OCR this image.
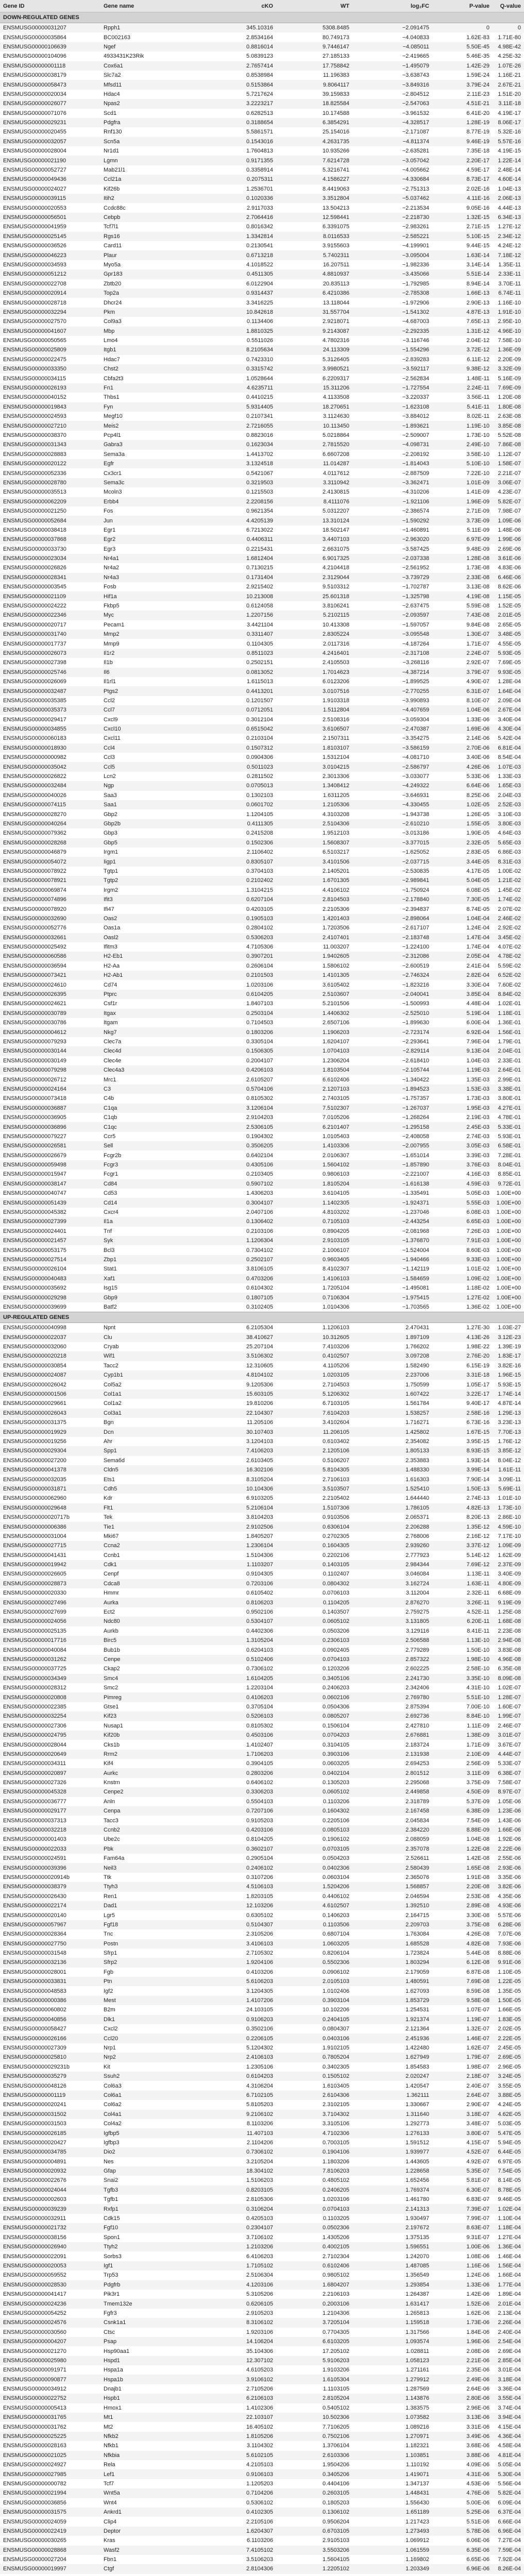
Gene ID	Gene name	cKO	WT	log₂FC	P-value	Q-value
DOWN-REGULATED GENES						
ENSMUSG00000031207	Rpph1	345.10316	5308.8485	−2.091475	0	0
ENSMUSG00000035864	BC002163	2.8534164	80.749173	−4.040833	1.62E-83	1.71E-80
ENSMUSG00000106639	Ngef	0.8816014	9.7446147	−4.085011	5.50E-45	4.98E-42
ENSMUSG00000104096	4933431K23Rik	5.0839123	27.185133	−2.419665	5.46E-35	4.25E-32
ENSMUSG00000001118	Cox6a1	2.7657414	17.758842	−1.495079	1.42E-29	1.07E-26
ENSMUSG00000038179	Slc7a2	0.8538984	11.196383	−3.638743	1.59E-24	1.16E-21
ENSMUSG00000058473	Mfsd11	0.5153864	9.8064117	−3.849316	3.79E-24	2.67E-21
ENSMUSG00000020034	Hdac4	5.7217624	39.159833	−2.804512	2.11E-23	1.51E-20
ENSMUSG00000026077	Npas2	3.2223217	18.825584	−2.547063	4.51E-21	3.11E-18
ENSMUSG00000071076	Scd1	0.6282513	10.174588	−3.961532	6.41E-20	4.19E-17
ENSMUSG00000029231	Pdgfra	0.3188654	6.3854291	−4.328517	1.28E-19	8.06E-17
ENSMUSG00000020455	Rnf130	5.5861571	25.154016	−2.171087	8.77E-19	5.32E-16
ENSMUSG00000032057	Scn5a	0.1543016	4.2631735	−4.811374	9.46E-19	5.57E-16
ENSMUSG00000028004	Nr1d1	1.7604813	10.935266	−2.635281	7.35E-18	4.19E-15
ENSMUSG00000021190	Lgmn	0.9171355	7.6214728	−3.057042	2.20E-17	1.22E-14
ENSMUSG00000052727	Mab21l1	0.3358914	5.3216741	−4.005662	4.59E-17	2.48E-14
ENSMUSG00000049436	Ccl21a	0.2075311	4.1586227	−4.330684	8.73E-17	4.60E-14
ENSMUSG00000024027	Kif26b	1.2536701	8.4419063	−2.751313	2.02E-16	1.04E-13
ENSMUSG00000039115	Itih2	0.1020336	3.3512804	−5.037462	4.11E-16	2.06E-13
ENSMUSG00000020553	Ccdc88c	2.9117033	13.504213	−2.213534	9.05E-16	4.44E-13
ENSMUSG00000056501	Cebpb	2.7064416	12.598441	−2.218730	1.32E-15	6.34E-13
ENSMUSG00000041959	Tcf7l1	0.8016342	6.3391075	−2.983261	2.71E-15	1.27E-12
ENSMUSG00000025145	Rgs16	1.3342814	8.0116533	−2.585221	5.10E-15	2.34E-12
ENSMUSG00000036526	Card11	0.2130541	3.9155603	−4.199901	9.44E-15	4.24E-12
ENSMUSG00000046223	Plaur	0.6713218	5.7402311	−3.095004	1.63E-14	7.18E-12
ENSMUSG00000034593	Myo5a	4.1018522	16.207511	−1.982336	3.14E-14	1.35E-11
ENSMUSG00000051212	Gpr183	0.4511305	4.8810937	−3.435066	5.51E-14	2.33E-11
ENSMUSG00000022708	Zbtb20	6.0122904	20.835113	−1.792985	8.94E-14	3.70E-11
ENSMUSG00000020914	Top2a	0.9314437	6.4210386	−2.785308	1.66E-13	6.74E-11
ENSMUSG00000028718	Dhcr24	3.3416225	13.118044	−1.972906	2.90E-13	1.16E-10
ENSMUSG00000032294	Pkm	10.842618	31.557704	−1.541302	4.87E-13	1.91E-10
ENSMUSG00000027570	Col9a3	0.1134406	2.9218071	−4.687003	7.65E-13	2.95E-10
ENSMUSG00000041607	Mbp	1.8810325	9.2143087	−2.292335	1.31E-12	4.96E-10
ENSMUSG00000050565	Lmo4	0.5511026	4.7802316	−3.116746	2.04E-12	7.58E-10
ENSMUSG00000025809	Itgb1	8.2105634	24.113309	−1.554296	3.72E-12	1.36E-09
ENSMUSG00000022475	Hdac7	0.7423310	5.3126405	−2.839283	6.11E-12	2.20E-09
ENSMUSG00000033350	Chst2	0.3315742	3.9980521	−3.592117	9.38E-12	3.32E-09
ENSMUSG00000034115	Cbfa2t3	1.0528644	6.2209317	−2.562834	1.48E-11	5.16E-09
ENSMUSG00000026193	Fn1	4.6235711	15.311206	−1.727554	2.24E-11	7.69E-09
ENSMUSG00000040152	Thbs1	0.4410215	4.1133508	−3.220337	3.56E-11	1.20E-08
ENSMUSG00000019843	Fyn	5.9314405	18.270651	−1.623108	5.41E-11	1.80E-08
ENSMUSG00000024593	Megf10	0.2107341	3.1124630	−3.884012	8.02E-11	2.63E-08
ENSMUSG00000027210	Meis2	2.7216055	10.113450	−1.893621	1.19E-10	3.85E-08
ENSMUSG00000038370	Pcp4l1	0.8823016	5.0218864	−2.509007	1.73E-10	5.52E-08
ENSMUSG00000031343	Gabra3	0.1623034	2.7815520	−4.098731	2.49E-10	7.86E-08
ENSMUSG00000028883	Sema3a	1.4413702	6.6607208	−2.208192	3.58E-10	1.12E-07
ENSMUSG00000020122	Egfr	3.1324518	11.014287	−1.814043	5.10E-10	1.58E-07
ENSMUSG00000052336	Cx3cr1	0.5421067	4.0117612	−2.887509	7.22E-10	2.21E-07
ENSMUSG00000028780	Sema3c	0.3219503	3.3110942	−3.362471	1.01E-09	3.06E-07
ENSMUSG00000035513	Mcoln3	0.1215503	2.4130815	−4.310206	1.41E-09	4.23E-07
ENSMUSG00000062209	Erbb4	2.2208156	8.4111076	−1.921106	1.96E-09	5.82E-07
ENSMUSG00000021250	Fos	0.9621354	5.0312207	−2.386574	2.71E-09	7.98E-07
ENSMUSG00000052684	Jun	4.4205139	13.310124	−1.590292	3.73E-09	1.09E-06
ENSMUSG00000038418	Egr1	6.7213022	18.502147	−1.460891	5.11E-09	1.48E-06
ENSMUSG00000037868	Egr2	0.4406311	3.4407103	−2.963020	6.97E-09	1.99E-06
ENSMUSG00000033730	Egr3	0.2215431	2.6631075	−3.587425	9.48E-09	2.69E-06
ENSMUSG00000023034	Nr4a1	1.6812404	6.9017325	−2.037338	1.28E-08	3.61E-06
ENSMUSG00000026826	Nr4a2	0.7130215	4.2104418	−2.561952	1.73E-08	4.83E-06
ENSMUSG00000028341	Nr4a3	0.1731404	2.3129044	−3.739729	2.33E-08	6.46E-06
ENSMUSG00000003545	Fosb	2.9215402	9.5103312	−1.702787	3.13E-08	8.62E-06
ENSMUSG00000021109	Hif1a	10.213008	25.601318	−1.325798	4.19E-08	1.15E-05
ENSMUSG00000024222	Fkbp5	0.6124058	3.8106241	−2.637475	5.59E-08	1.52E-05
ENSMUSG00000022346	Myc	1.2207156	5.2102115	−2.093597	7.43E-08	2.01E-05
ENSMUSG00000020717	Pecam1	3.4421104	10.413308	−1.597057	9.84E-08	2.65E-05
ENSMUSG00000031740	Mmp2	0.3311407	2.8305224	−3.095548	1.30E-07	3.48E-05
ENSMUSG00000017737	Mmp9	0.1104305	2.0117316	−4.187264	1.71E-07	4.55E-05
ENSMUSG00000026073	Il1r2	0.8511023	4.2416401	−2.317108	2.24E-07	5.93E-05
ENSMUSG00000027398	Il1b	0.2502151	2.4105503	−3.268116	2.92E-07	7.69E-05
ENSMUSG00000025746	Il6	0.0813052	1.7014623	−4.387214	3.79E-07	9.93E-05
ENSMUSG00000026069	Il1rl1	1.6115013	6.0123206	−1.899525	4.90E-07	1.28E-04
ENSMUSG00000032487	Ptgs2	0.4413201	3.0107516	−2.770255	6.31E-07	1.64E-04
ENSMUSG00000035385	Ccl2	0.1201507	1.9103318	−3.990893	8.10E-07	2.09E-04
ENSMUSG00000035373	Ccl7	0.0712051	1.5112804	−4.407659	1.04E-06	2.67E-04
ENSMUSG00000029417	Cxcl9	0.3012104	2.5108316	−3.059304	1.33E-06	3.40E-04
ENSMUSG00000034855	Cxcl10	0.6515042	3.6106507	−2.470387	1.69E-06	4.30E-04
ENSMUSG00000060183	Cxcl11	0.2103104	2.1507311	−3.354275	2.14E-06	5.42E-04
ENSMUSG00000018930	Ccl4	0.1507312	1.8103107	−3.586159	2.70E-06	6.81E-04
ENSMUSG00000000982	Ccl3	0.0904306	1.5312104	−4.081710	3.40E-06	8.54E-04
ENSMUSG00000035042	Ccl5	0.5011023	3.0104215	−2.586797	4.26E-06	1.07E-03
ENSMUSG00000026822	Lcn2	0.2811502	2.3013306	−3.033077	5.33E-06	1.33E-03
ENSMUSG00000032484	Ngp	0.0705013	1.3408412	−4.249322	6.64E-06	1.65E-03
ENSMUSG00000040026	Saa3	0.1302103	1.6311205	−3.646931	8.25E-06	2.04E-03
ENSMUSG00000074115	Saa1	0.0601702	1.2105306	−4.330455	1.02E-05	2.52E-03
ENSMUSG00000028270	Gbp2	1.1204105	4.3103208	−1.943738	1.26E-05	3.10E-03
ENSMUSG00000040264	Gbp2b	0.4111305	2.5104306	−2.610210	1.55E-05	3.80E-03
ENSMUSG00000079362	Gbp3	0.2415208	1.9512103	−3.013186	1.90E-05	4.64E-03
ENSMUSG00000028268	Gbp5	0.1502306	1.5608307	−3.377015	2.32E-05	5.65E-03
ENSMUSG00000046879	Irgm1	2.1106402	6.5103217	−1.625052	2.83E-05	6.86E-03
ENSMUSG00000054072	Iigp1	0.8305107	3.4101506	−2.037715	3.44E-05	8.31E-03
ENSMUSG00000078922	Tgtp1	0.3704103	2.1405201	−2.530835	4.17E-05	1.00E-02
ENSMUSG00000078921	Tgtp2	0.2102402	1.6701305	−2.989841	5.04E-05	1.21E-02
ENSMUSG00000069874	Irgm2	1.3104215	4.4106102	−1.750924	6.08E-05	1.45E-02
ENSMUSG00000074896	Ifit3	0.6207104	2.8104503	−2.178840	7.30E-05	1.74E-02
ENSMUSG00000078920	Ifi47	0.4203105	2.2105306	−2.394837	8.74E-05	2.07E-02
ENSMUSG00000032690	Oas2	0.1905103	1.4201403	−2.898064	1.04E-04	2.46E-02
ENSMUSG00000052776	Oas1a	0.2804102	1.7203506	−2.617107	1.24E-04	2.92E-02
ENSMUSG00000032661	Oasl2	0.5306203	2.4107401	−2.183748	1.47E-04	3.45E-02
ENSMUSG00000025492	Ifitm3	4.7105306	11.003207	−1.224100	1.74E-04	4.07E-02
ENSMUSG00000060586	H2-Eb1	0.3907201	1.9402605	−2.312086	2.05E-04	4.78E-02
ENSMUSG00000036594	H2-Aa	0.2606104	1.5806102	−2.600519	2.41E-04	5.59E-02
ENSMUSG00000073421	H2-Ab1	0.2101503	1.4101305	−2.746324	2.82E-04	6.52E-02
ENSMUSG00000024610	Cd74	1.0203106	3.6105402	−1.823216	3.30E-04	7.60E-02
ENSMUSG00000026395	Ptprc	0.6104205	2.5103607	−2.040041	3.85E-04	8.84E-02
ENSMUSG00000024621	Csf1r	1.8407103	5.2101506	−1.500993	4.48E-04	1.02E-01
ENSMUSG00000030789	Itgax	0.2503104	1.4406302	−2.525010	5.19E-04	1.18E-01
ENSMUSG00000030786	Itgam	0.7104503	2.6507106	−1.899630	6.00E-04	1.36E-01
ENSMUSG00000004612	Nkg7	0.1803206	1.1906203	−2.723174	6.92E-04	1.56E-01
ENSMUSG00000079293	Clec7a	0.3305104	1.6204107	−2.293641	7.96E-04	1.79E-01
ENSMUSG00000030144	Clec4d	0.1506305	1.0704103	−2.829114	9.13E-04	2.04E-01
ENSMUSG00000030149	Clec4e	0.2004107	1.2306204	−2.618410	1.04E-03	2.33E-01
ENSMUSG00000079298	Clec4a3	0.4206103	1.8103504	−2.105744	1.19E-03	2.64E-01
ENSMUSG00000026712	Mrc1	2.6105207	6.6102406	−1.340422	1.35E-03	2.99E-01
ENSMUSG00000024164	C3	0.5704106	2.1207103	−1.894523	1.53E-03	3.38E-01
ENSMUSG00000073418	C4b	0.8105302	2.7403105	−1.757357	1.73E-03	3.80E-01
ENSMUSG00000036887	C1qa	3.1206104	7.5102307	−1.267037	1.95E-03	4.27E-01
ENSMUSG00000036905	C1qb	2.9104203	7.0105206	−1.268264	2.19E-03	4.78E-01
ENSMUSG00000036896	C1qc	2.5306105	6.2101407	−1.295158	2.45E-03	5.33E-01
ENSMUSG00000079227	Ccr5	0.1904302	1.0105403	−2.408058	2.74E-03	5.93E-01
ENSMUSG00000026581	Sell	0.3506205	1.4103306	−2.007955	3.05E-03	6.58E-01
ENSMUSG00000026679	Fcgr2b	0.6402104	2.0106307	−1.651014	3.39E-03	7.28E-01
ENSMUSG00000059498	Fcgr3	0.4305106	1.5604102	−1.857890	3.76E-03	8.04E-01
ENSMUSG00000015947	Fcgr1	0.2103405	0.9806103	−2.221007	4.16E-03	8.85E-01
ENSMUSG00000038147	Cd84	0.5907102	1.8105204	−1.616138	4.59E-03	9.72E-01
ENSMUSG00000040747	Cd53	1.4306203	3.6104105	−1.335491	5.05E-03	1.00E+00
ENSMUSG00000051439	Cd14	0.3004107	1.1402305	−1.924371	5.55E-03	1.00E+00
ENSMUSG00000045382	Cxcr4	2.0407106	4.8103202	−1.237046	6.08E-03	1.00E+00
ENSMUSG00000027399	Il1a	0.1306402	0.7105103	−2.443254	6.65E-03	1.00E+00
ENSMUSG00000024401	Tnf	0.2103106	0.8904205	−2.081968	7.26E-03	1.00E+00
ENSMUSG00000021457	Syk	1.1206304	2.9103105	−1.376870	7.91E-03	1.00E+00
ENSMUSG00000053175	Bcl3	0.7304102	2.1006107	−1.524004	8.60E-03	1.00E+00
ENSMUSG00000027514	Zbp1	0.2502107	0.9603405	−1.940466	9.33E-03	1.00E+00
ENSMUSG00000026104	Stat1	3.8106105	8.4102307	−1.142119	1.01E-02	1.00E+00
ENSMUSG00000040483	Xaf1	0.4703206	1.4106103	−1.584659	1.09E-02	1.00E+00
ENSMUSG00000035692	Isg15	0.6104302	1.7205104	−1.495081	1.18E-02	1.00E+00
ENSMUSG00000029298	Gbp9	0.1807105	0.7106304	−1.975415	1.27E-02	1.00E+00
ENSMUSG00000039699	Batf2	0.3102405	1.0104306	−1.703565	1.36E-02	1.00E+00
UP-REGULATED GENES						
ENSMUSG00000040998	Npnt	6.2105304	1.1206103	2.470431	1.27E-30	1.03E-27
ENSMUSG00000022037	Clu	38.410627	10.312605	1.897109	4.13E-26	3.12E-23
ENSMUSG00000032060	Cryab	25.207104	7.4103206	1.766202	1.98E-22	1.39E-19
ENSMUSG00000020218	Wif1	3.5106302	0.4102507	3.097208	2.76E-20	1.83E-17
ENSMUSG00000030854	Tacc2	12.310605	4.1105206	1.582490	6.15E-19	3.82E-16
ENSMUSG00000024087	Cyp1b1	4.8104102	1.0203105	2.237006	3.31E-18	1.96E-15
ENSMUSG00000026042	Col5a2	9.1205306	2.7104503	1.750599	1.05E-17	5.93E-15
ENSMUSG00000001506	Col1a1	15.603105	5.1206302	1.607422	3.22E-17	1.74E-14
ENSMUSG00000029661	Col1a2	19.810206	6.7103105	1.561784	9.40E-17	4.87E-14
ENSMUSG00000026043	Col3a1	22.104307	7.6104203	1.538257	2.58E-16	1.29E-13
ENSMUSG00000031375	Bgn	11.205106	3.4102604	1.716271	6.73E-16	3.23E-13
ENSMUSG00000019929	Dcn	30.107403	11.206105	1.425802	1.67E-15	7.70E-13
ENSMUSG00000019256	Ahr	3.1204103	0.6103402	2.354082	3.95E-15	1.76E-12
ENSMUSG00000029304	Spp1	7.4106203	2.1205106	1.805133	8.93E-15	3.85E-12
ENSMUSG00000027200	Sema6d	2.6103405	0.5106207	2.353883	1.93E-14	8.04E-12
ENSMUSG00000041378	Cldn5	16.302106	5.8104305	1.488330	3.99E-14	1.61E-11
ENSMUSG00000032035	Ets1	8.3105204	2.7106103	1.616303	7.90E-14	3.09E-11
ENSMUSG00000031871	Cdh5	10.104306	3.5103507	1.525410	1.50E-13	5.69E-11
ENSMUSG00000062960	Kdr	6.9103205	2.2105402	1.644440	2.74E-13	1.01E-10
ENSMUSG00000029648	Flt1	5.2106104	1.5107306	1.786105	4.82E-13	1.73E-10
ENSMUSG00000020717b	Tek	3.8104203	0.9103506	2.065371	8.20E-13	2.86E-10
ENSMUSG00000006386	Tie1	2.9102506	0.6306104	2.206288	1.35E-12	4.59E-10
ENSMUSG00000031004	Mki67	1.8405207	0.2702305	2.768006	2.16E-12	7.17E-10
ENSMUSG00000027715	Ccna2	1.2306104	0.1604305	2.939260	3.37E-12	1.09E-09
ENSMUSG00000041431	Ccnb1	1.5104306	0.2202106	2.777923	5.14E-12	1.62E-09
ENSMUSG00000019942	Cdk1	1.1103207	0.1403105	2.984344	7.69E-12	2.37E-09
ENSMUSG00000026605	Cenpf	0.9104305	0.1102407	3.046084	1.13E-11	3.40E-09
ENSMUSG00000028873	Cdca8	0.7203106	0.0804302	3.162724	1.63E-11	4.80E-09
ENSMUSG00000020330	Hmmr	0.6105402	0.0706103	3.112004	2.32E-11	6.68E-09
ENSMUSG00000027496	Aurka	0.8106203	0.1104205	2.876270	3.26E-11	9.19E-09
ENSMUSG00000027699	Ect2	0.9502106	0.1403507	2.759275	4.52E-11	1.25E-08
ENSMUSG00000024056	Ndc80	0.5304107	0.0605102	3.131805	6.20E-11	1.68E-08
ENSMUSG00000025135	Aurkb	0.4402306	0.0503206	3.129116	8.41E-11	2.23E-08
ENSMUSG00000017716	Birc5	1.3105204	0.2306103	2.506588	1.13E-10	2.94E-08
ENSMUSG00000040084	Bub1b	0.6204103	0.0902405	2.779289	1.50E-10	3.83E-08
ENSMUSG00000031262	Cenpe	0.5102406	0.0704103	2.857322	1.98E-10	4.96E-08
ENSMUSG00000037725	Ckap2	0.7306102	0.1203206	2.602225	2.58E-10	6.35E-08
ENSMUSG00000034349	Smc4	1.6104205	0.3405106	2.241730	3.35E-10	8.09E-08
ENSMUSG00000028312	Smc2	1.2203104	0.2406203	2.342406	4.31E-10	1.02E-07
ENSMUSG00000020808	Pimreg	0.4106203	0.0602106	2.769780	5.51E-10	1.28E-07
ENSMUSG00000022385	Gtse1	0.3705104	0.0504306	2.875394	7.00E-10	1.60E-07
ENSMUSG00000032254	Kif23	0.5206103	0.0805207	2.692736	8.84E-10	1.99E-07
ENSMUSG00000027306	Nusap1	0.8105302	0.1506104	2.427810	1.11E-09	2.46E-07
ENSMUSG00000024795	Kif20b	0.4503106	0.0704203	2.676881	1.38E-09	3.01E-07
ENSMUSG00000028044	Cks1b	1.4102407	0.3104105	2.183724	1.71E-09	3.67E-07
ENSMUSG00000020649	Rrm2	1.7106203	0.3903106	2.131938	2.10E-09	4.44E-07
ENSMUSG00000034311	Kif4	0.3904105	0.0603205	2.694253	2.56E-09	5.33E-07
ENSMUSG00000020897	Aurkc	0.2803206	0.0402104	2.801512	3.11E-09	6.38E-07
ENSMUSG00000027326	Knstrn	0.6406102	0.1305203	2.295068	3.75E-09	7.58E-07
ENSMUSG00000045328	Cenpe2	0.3306203	0.0605102	2.449858	4.50E-09	8.97E-07
ENSMUSG00000036777	Anln	0.5504103	0.1103206	2.318789	5.37E-09	1.05E-06
ENSMUSG00000029177	Cenpa	0.7207106	0.1604302	2.167458	6.38E-09	1.23E-06
ENSMUSG00000037313	Tacc3	0.9105203	0.2205106	2.045834	7.54E-09	1.43E-06
ENSMUSG00000032218	Ccnb2	0.4203106	0.0805103	2.384220	8.88E-09	1.66E-06
ENSMUSG00000001403	Ube2c	0.8104205	0.1906102	2.088059	1.04E-08	1.92E-06
ENSMUSG00000022033	Pbk	0.3602107	0.0703105	2.357078	1.22E-08	2.22E-06
ENSMUSG00000024591	Fam64a	0.2905104	0.0504203	2.526611	1.42E-08	2.55E-06
ENSMUSG00000039396	Neil3	0.2406102	0.0402306	2.580439	1.65E-08	2.93E-06
ENSMUSG00000020914b	Ttk	0.3107206	0.0603104	2.365076	1.91E-08	3.35E-06
ENSMUSG00000038379	Ttyh3	4.5106103	1.5204206	1.568857	2.20E-08	3.82E-06
ENSMUSG00000026430	Ren1	1.8203105	0.4406102	2.046594	2.53E-08	4.35E-06
ENSMUSG00000022174	Dad1	12.103206	4.6102507	1.392510	2.89E-08	4.93E-06
ENSMUSG00000020140	Lgr5	0.6305102	0.1406203	2.164715	3.30E-08	5.57E-06
ENSMUSG00000057967	Fgf18	0.5104307	0.1103506	2.209703	3.75E-08	6.28E-06
ENSMUSG00000028364	Tnc	2.3105206	0.6807104	1.763084	4.26E-08	7.07E-06
ENSMUSG00000027750	Postn	3.4106103	1.0603205	1.685528	4.82E-08	7.93E-06
ENSMUSG00000031548	Sfrp1	2.7105302	0.8206104	1.723824	5.44E-08	8.88E-06
ENSMUSG00000032136	Sfrp2	1.9204106	0.5502306	1.803294	6.12E-08	9.91E-06
ENSMUSG00000028001	Fgb	0.4103206	0.0906102	2.179059	6.87E-08	1.10E-05
ENSMUSG00000033831	Ptn	5.6106203	2.0105103	1.480591	7.69E-08	1.22E-05
ENSMUSG00000048583	Igf2	3.1204305	1.0102406	1.627093	8.59E-08	1.35E-05
ENSMUSG00000000386	Mest	1.4107206	0.3903104	1.853729	9.58E-08	1.50E-05
ENSMUSG00000060802	B2m	24.103105	10.102206	1.254531	1.07E-07	1.66E-05
ENSMUSG00000040856	Dlk1	0.9106203	0.2404105	1.921374	1.19E-07	1.83E-05
ENSMUSG00000058427	Cxcl2	0.3502106	0.0804307	2.121364	1.32E-07	2.02E-05
ENSMUSG00000026166	Ccl20	0.2206105	0.0403106	2.451936	1.46E-07	2.22E-05
ENSMUSG00000027309	Nrp1	5.1204302	1.9102105	1.422480	1.62E-07	2.45E-05
ENSMUSG00000025810	Nrp2	2.4106103	0.7805204	1.627949	1.79E-07	2.69E-05
ENSMUSG00000029231b	Kit	1.2305106	0.3402305	1.854583	1.98E-07	2.96E-05
ENSMUSG00000035279	Ssuh2	0.6104203	0.1505102	2.020247	2.18E-07	3.24E-05
ENSMUSG00000048126	Col6a3	4.3106204	1.6103405	1.420547	2.40E-07	3.55E-05
ENSMUSG00000001119	Col6a1	6.7102105	2.6104306	1.362111	2.64E-07	3.88E-05
ENSMUSG00000020241	Col6a2	5.8105203	2.3102105	1.330667	2.90E-07	4.24E-05
ENSMUSG00000031502	Col4a1	9.2106102	3.7104302	1.311640	3.18E-07	4.62E-05
ENSMUSG00000031503	Col4a2	8.1103206	3.3105106	1.292773	3.48E-07	5.03E-05
ENSMUSG00000026185	Igfbp5	11.407103	4.7102306	1.276133	3.80E-07	5.47E-05
ENSMUSG00000020427	Igfbp3	2.1104206	0.7003105	1.591512	4.15E-07	5.94E-05
ENSMUSG00000034785	Dio2	0.7306102	0.1904106	1.939977	4.52E-07	6.44E-05
ENSMUSG00000004891	Nes	3.2105204	1.1803206	1.443605	4.92E-07	6.97E-05
ENSMUSG00000020932	Gfap	18.304102	7.8106203	1.228658	5.35E-07	7.54E-05
ENSMUSG00000022676	Snai2	1.5106203	0.4805102	1.652456	5.81E-07	8.14E-05
ENSMUSG00000024044	Tgfb3	0.8203105	0.2406205	1.769374	6.30E-07	8.78E-05
ENSMUSG00000002603	Tgfb1	2.8105306	1.0203106	1.461780	6.83E-07	9.46E-05
ENSMUSG00000039239	Rxfp1	0.3106204	0.0704103	2.141313	7.39E-07	1.02E-04
ENSMUSG00000032911	Cdk15	0.4205103	0.1103205	1.930497	7.99E-07	1.10E-04
ENSMUSG00000021732	Fgf10	0.2304107	0.0502306	2.197672	8.63E-07	1.18E-04
ENSMUSG00000038156	Spon1	3.7106102	1.4305206	1.375135	9.31E-07	1.27E-04
ENSMUSG00000026940	Ttyh2	1.2103206	0.4002105	1.596551	1.00E-06	1.36E-04
ENSMUSG00000022091	Sorbs3	6.4106203	2.7102304	1.242070	1.08E-06	1.46E-04
ENSMUSG00000020053	Igf1	1.7105102	0.6102406	1.487085	1.16E-06	1.56E-04
ENSMUSG00000059552	Trp53	2.5106304	0.9805102	1.356549	1.24E-06	1.66E-04
ENSMUSG00000028530	Pdgfrb	4.1203106	1.6804207	1.293854	1.33E-06	1.77E-04
ENSMUSG00000041417	Pik3r1	5.3105206	2.2106103	1.264387	1.42E-06	1.89E-04
ENSMUSG00000024236	Tmem132e	0.6206105	0.2003106	1.631417	1.52E-06	2.01E-04
ENSMUSG00000054252	Fgfr3	2.9105203	1.2104306	1.265813	1.62E-06	2.13E-04
ENSMUSG00000024576	Csnk1a1	8.3106102	3.7205104	1.159518	1.73E-06	2.26E-04
ENSMUSG00000030560	Ctsc	1.9203106	0.7704305	1.317566	1.84E-06	2.40E-04
ENSMUSG00000004207	Psap	14.106204	6.6103205	1.093574	1.96E-06	2.54E-04
ENSMUSG00000021270	Hsp90aa1	35.104306	17.205102	1.028811	2.08E-06	2.69E-04
ENSMUSG00000025980	Hspd1	12.307102	5.9106203	1.058123	2.21E-06	2.85E-04
ENSMUSG00000091971	Hspa1a	4.6105203	1.9103206	1.271161	2.35E-06	3.01E-04
ENSMUSG00000090877	Hspa1b	3.9106102	1.6105304	1.279912	2.49E-06	3.18E-04
ENSMUSG00000034912	Dnajb1	2.7105206	1.1103105	1.287569	2.64E-06	3.36E-04
ENSMUSG00000022752	Hspb1	6.2106103	2.8105204	1.143876	2.80E-06	3.55E-04
ENSMUSG00000005413	Hmox1	1.4102306	0.5405102	1.383575	2.96E-06	3.74E-04
ENSMUSG00000031765	Mt1	22.103107	10.502306	1.073582	3.13E-06	3.94E-04
ENSMUSG00000031762	Mt2	16.405102	7.7106205	1.089216	3.31E-06	4.15E-04
ENSMUSG00000025225	Nfkb2	1.8105206	0.7502106	1.270971	3.49E-06	4.36E-04
ENSMUSG00000028163	Nfkb1	3.1104302	1.3706104	1.182321	3.68E-06	4.58E-04
ENSMUSG00000021025	Nfkbia	5.6102105	2.6103306	1.103851	3.88E-06	4.81E-04
ENSMUSG00000024927	Rela	4.2105103	1.9504206	1.110192	4.09E-06	5.05E-04
ENSMUSG00000027985	Lef1	0.9106103	0.3405206	1.419071	4.31E-06	5.30E-04
ENSMUSG00000000782	Tcf7	1.1205203	0.4404106	1.347137	4.53E-06	5.56E-04
ENSMUSG00000021994	Wnt5a	0.7104206	0.2603105	1.448431	4.76E-06	5.82E-04
ENSMUSG00000036856	Wnt4	0.5306102	0.1805203	1.556430	5.00E-06	6.09E-04
ENSMUSG00000031575	Ankrd1	0.4102305	0.1306102	1.651189	5.25E-06	6.37E-04
ENSMUSG00000024059	Clip4	2.2105106	0.9506204	1.217423	5.51E-06	6.66E-04
ENSMUSG00000022419	Deptor	1.6204307	0.6703105	1.273493	5.78E-06	6.96E-04
ENSMUSG00000030265	Kras	6.1103206	2.9105103	1.069912	6.06E-06	7.27E-04
ENSMUSG00000028868	Wasf2	7.4105102	3.5503206	1.061559	6.35E-06	7.59E-04
ENSMUSG00000027204	Fbn1	3.5106203	1.5604105	1.169802	6.65E-06	7.92E-04
ENSMUSG00000019997	Ctgf	2.8104306	1.2205102	1.203349	6.96E-06	8.26E-04
